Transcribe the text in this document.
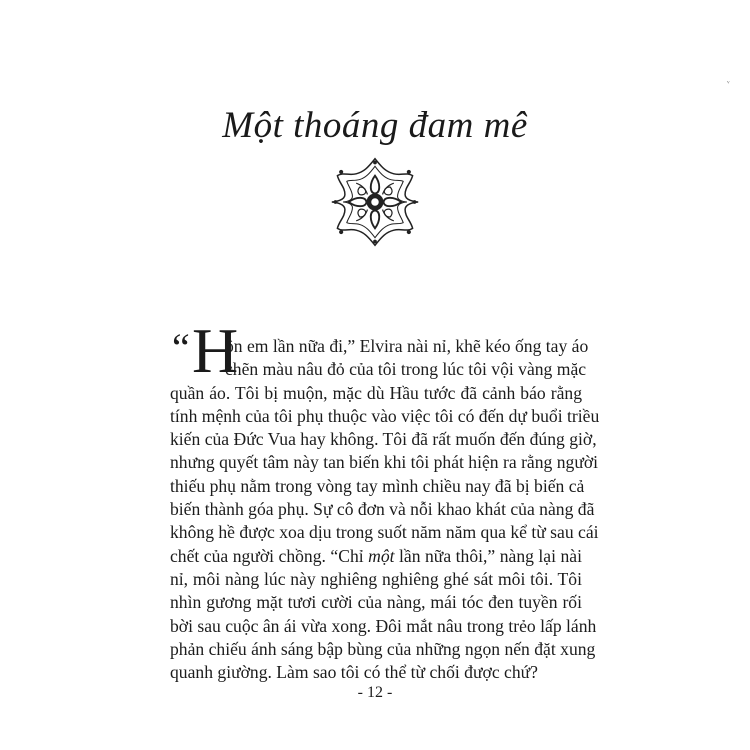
ᵛ
Một thoáng đam mê
“ H
ôn em lần nữa đi,” Elvira nài nỉ, khẽ kéo ống tay áo
chẽn màu nâu đỏ của tôi trong lúc tôi vội vàng mặc
quần áo. Tôi bị muộn, mặc dù Hầu tước đã cảnh báo rằng
tính mệnh của tôi phụ thuộc vào việc tôi có đến dự buổi triều
kiến của Đức Vua hay không. Tôi đã rất muốn đến đúng giờ,
nhưng quyết tâm này tan biến khi tôi phát hiện ra rằng người
thiếu phụ nằm trong vòng tay mình chiều nay đã bị biến cả
biến thành góa phụ. Sự cô đơn và nỗi khao khát của nàng đã
không hề được xoa dịu trong suốt năm năm qua kể từ sau cái
chết của người chồng. “Chỉ một lần nữa thôi,” nàng lại nài
nỉ, môi nàng lúc này nghiêng nghiêng ghé sát môi tôi. Tôi
nhìn gương mặt tươi cười của nàng, mái tóc đen tuyền rối
bời sau cuộc ân ái vừa xong. Đôi mắt nâu trong trẻo lấp lánh
phản chiếu ánh sáng bập bùng của những ngọn nến đặt xung
quanh giường. Làm sao tôi có thể từ chối được chứ?
- 12 -
